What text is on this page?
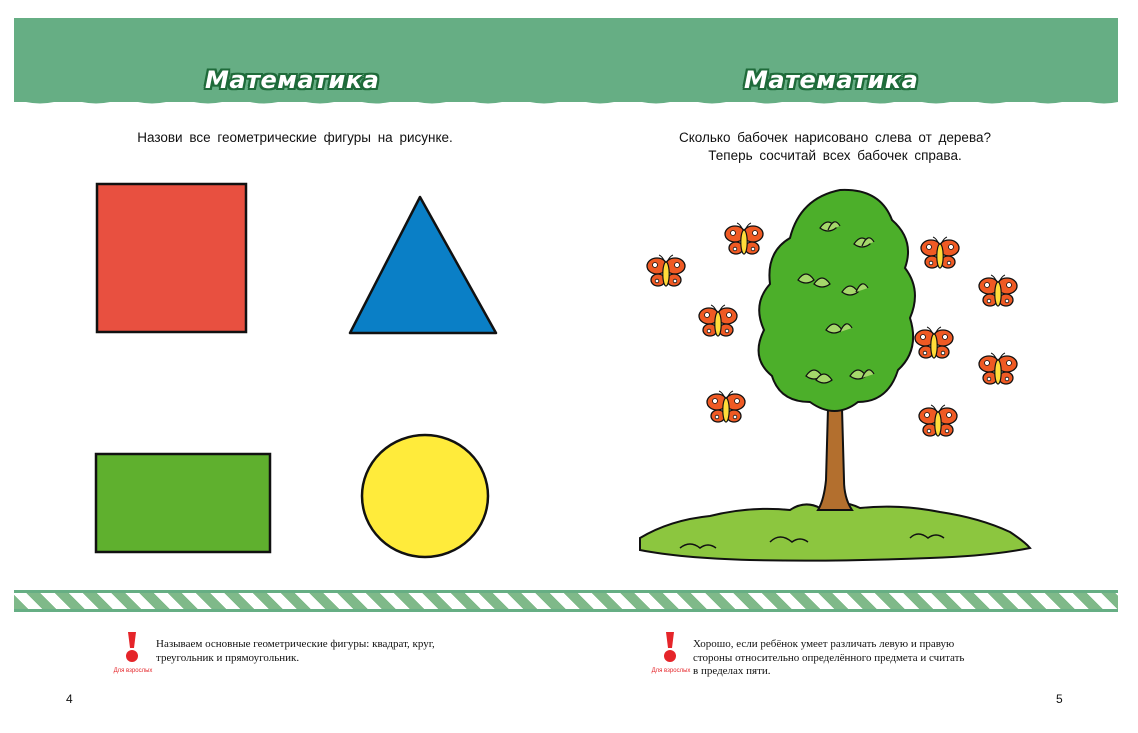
Математика	Математика
Назови все геометрические фигуры на рисунке.	Сколько бабочек нарисовано слева от дерева?
Теперь сосчитай всех бабочек справа.
Для взрослых
Называем основные геометрические фигуры: квадрат, круг,
треугольник и прямоугольник.
Для взрослых
Хорошо, если ребёнок умеет различать левую и правую
стороны относительно определённого предмета и считать
в пределах пяти.
4	5
